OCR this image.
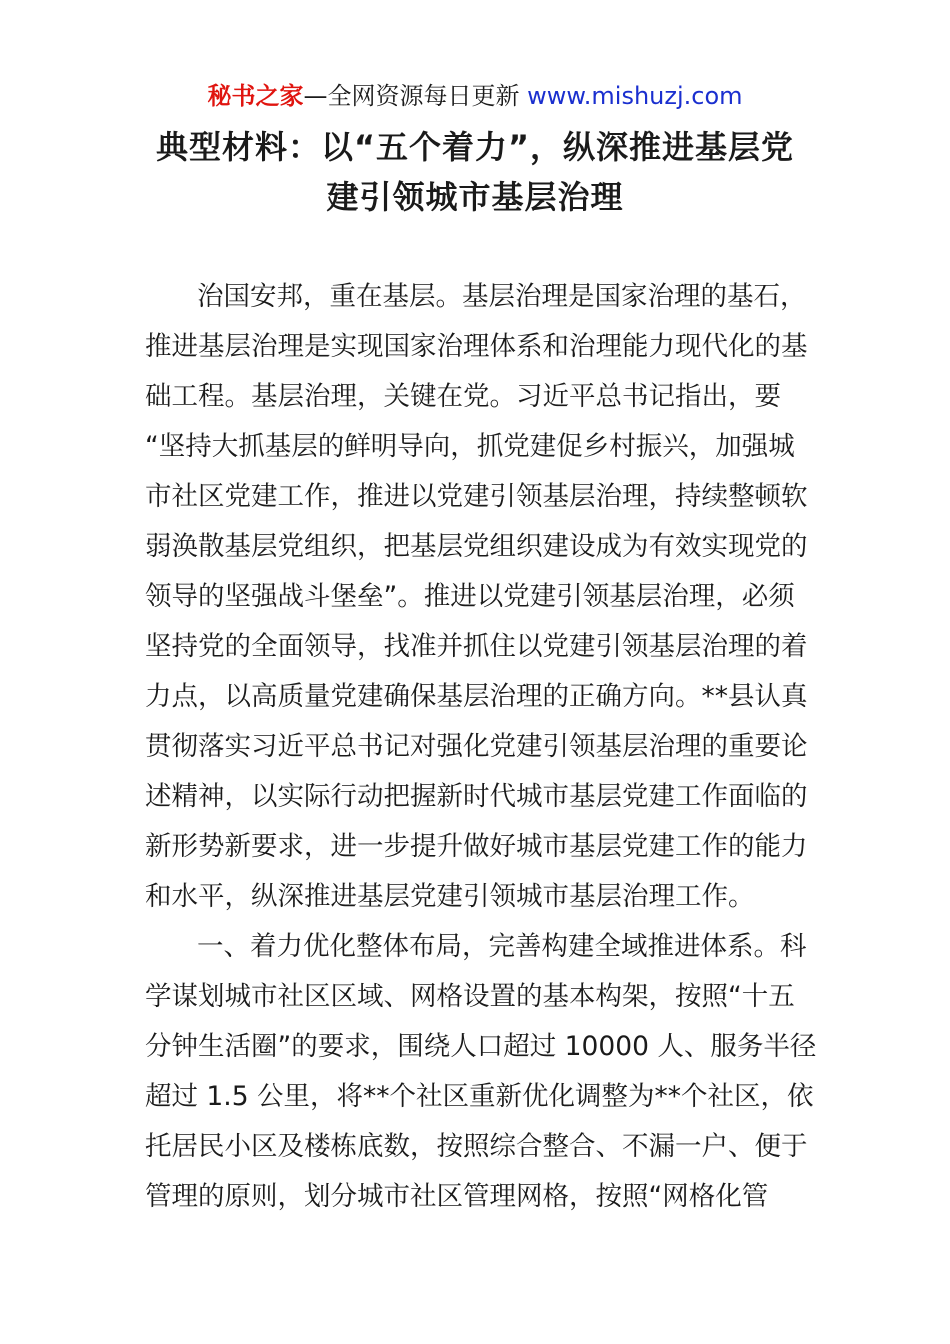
秘书之家—全网资源每日更新 www.mishuzj.com
典型材料：以“五个着力”，纵深推进基层党
建引领城市基层治理
治国安邦，重在基层。基层治理是国家治理的基石，
推进基层治理是实现国家治理体系和治理能力现代化的基
础工程。基层治理，关键在党。习近平总书记指出，要
“坚持大抓基层的鲜明导向，抓党建促乡村振兴，加强城
市社区党建工作，推进以党建引领基层治理，持续整顿软
弱涣散基层党组织，把基层党组织建设成为有效实现党的
领导的坚强战斗堡垒”。推进以党建引领基层治理，必须
坚持党的全面领导，找准并抓住以党建引领基层治理的着
力点，以高质量党建确保基层治理的正确方向。**县认真
贯彻落实习近平总书记对强化党建引领基层治理的重要论
述精神，以实际行动把握新时代城市基层党建工作面临的
新形势新要求，进一步提升做好城市基层党建工作的能力
和水平，纵深推进基层党建引领城市基层治理工作。
一、着力优化整体布局，完善构建全域推进体系。科
学谋划城市社区区域、网格设置的基本构架，按照“十五
分钟生活圈”的要求，围绕人口超过 10000 人、服务半径
超过 1.5 公里，将**个社区重新优化调整为**个社区，依
托居民小区及楼栋底数，按照综合整合、不漏一户、便于
管理的原则，划分城市社区管理网格，按照“网格化管
